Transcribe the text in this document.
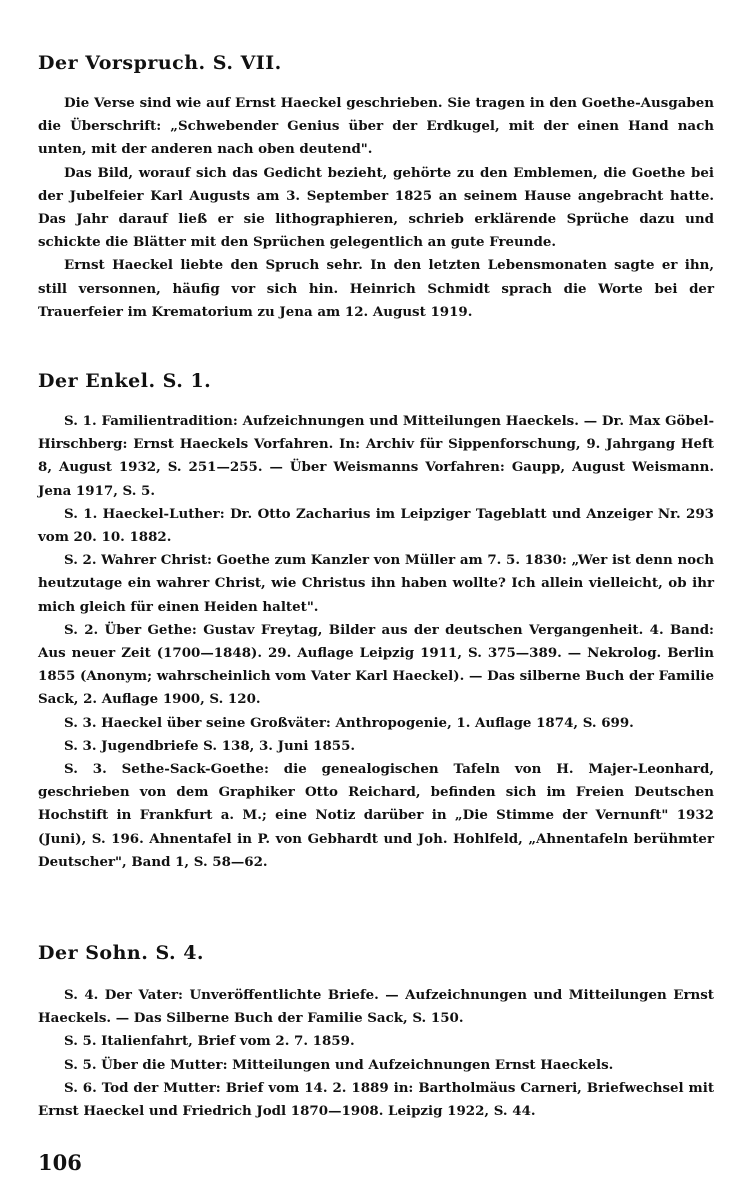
Der Vorspruch. S. VII.

Die Verse sind wie auf Ernst Haeckel geschrieben. Sie tragen in den Goethe-Ausgaben die Überschrift: „Schwebender Genius über der Erdkugel, mit der einen Hand nach unten, mit der anderen nach oben deutend".

Das Bild, worauf sich das Gedicht bezieht, gehörte zu den Emblemen, die Goethe bei der Jubelfeier Karl Augusts am 3. September 1825 an seinem Hause angebracht hatte. Das Jahr darauf ließ er sie lithographieren, schrieb erklärende Sprüche dazu und schickte die Blätter mit den Sprüchen gelegentlich an gute Freunde.

Ernst Haeckel liebte den Spruch sehr. In den letzten Lebensmonaten sagte er ihn, still versonnen, häufig vor sich hin. Heinrich Schmidt sprach die Worte bei der Trauerfeier im Krematorium zu Jena am 12. August 1919.

Der Enkel. S. 1.

S. 1. Familientradition: Aufzeichnungen und Mitteilungen Haeckels. — Dr. Max Göbel-Hirschberg: Ernst Haeckels Vorfahren. In: Archiv für Sippenforschung, 9. Jahrgang Heft 8, August 1932, S. 251—255. — Über Weismanns Vorfahren: Gaupp, August Weismann. Jena 1917, S. 5.

S. 1. Haeckel-Luther: Dr. Otto Zacharius im Leipziger Tageblatt und Anzeiger Nr. 293 vom 20. 10. 1882.

S. 2. Wahrer Christ: Goethe zum Kanzler von Müller am 7. 5. 1830: „Wer ist denn noch heutzutage ein wahrer Christ, wie Christus ihn haben wollte? Ich allein vielleicht, ob ihr mich gleich für einen Heiden haltet".

S. 2. Über Gethe: Gustav Freytag, Bilder aus der deutschen Vergangenheit. 4. Band: Aus neuer Zeit (1700—1848). 29. Auflage Leipzig 1911, S. 375—389. — Nekrolog. Berlin 1855 (Anonym; wahrscheinlich vom Vater Karl Haeckel). — Das silberne Buch der Familie Sack, 2. Auflage 1900, S. 120.

S. 3. Haeckel über seine Großväter: Anthropogenie, 1. Auflage 1874, S. 699.

S. 3. Jugendbriefe S. 138, 3. Juni 1855.

S. 3. Sethe-Sack-Goethe: die genealogischen Tafeln von H. Majer-Leonhard, geschrieben von dem Graphiker Otto Reichard, befinden sich im Freien Deutschen Hochstift in Frankfurt a. M.; eine Notiz darüber in „Die Stimme der Vernunft" 1932 (Juni), S. 196. Ahnentafel in P. von Gebhardt und Joh. Hohlfeld, „Ahnentafeln berühmter Deutscher", Band 1, S. 58—62.

Der Sohn. S. 4.

S. 4. Der Vater: Unveröffentlichte Briefe. — Aufzeichnungen und Mitteilungen Ernst Haeckels. — Das Silberne Buch der Familie Sack, S. 150.

S. 5. Italienfahrt, Brief vom 2. 7. 1859.

S. 5. Über die Mutter: Mitteilungen und Aufzeichnungen Ernst Haeckels.

S. 6. Tod der Mutter: Brief vom 14. 2. 1889 in: Bartholmäus Carneri, Briefwechsel mit Ernst Haeckel und Friedrich Jodl 1870—1908. Leipzig 1922, S. 44.

106
